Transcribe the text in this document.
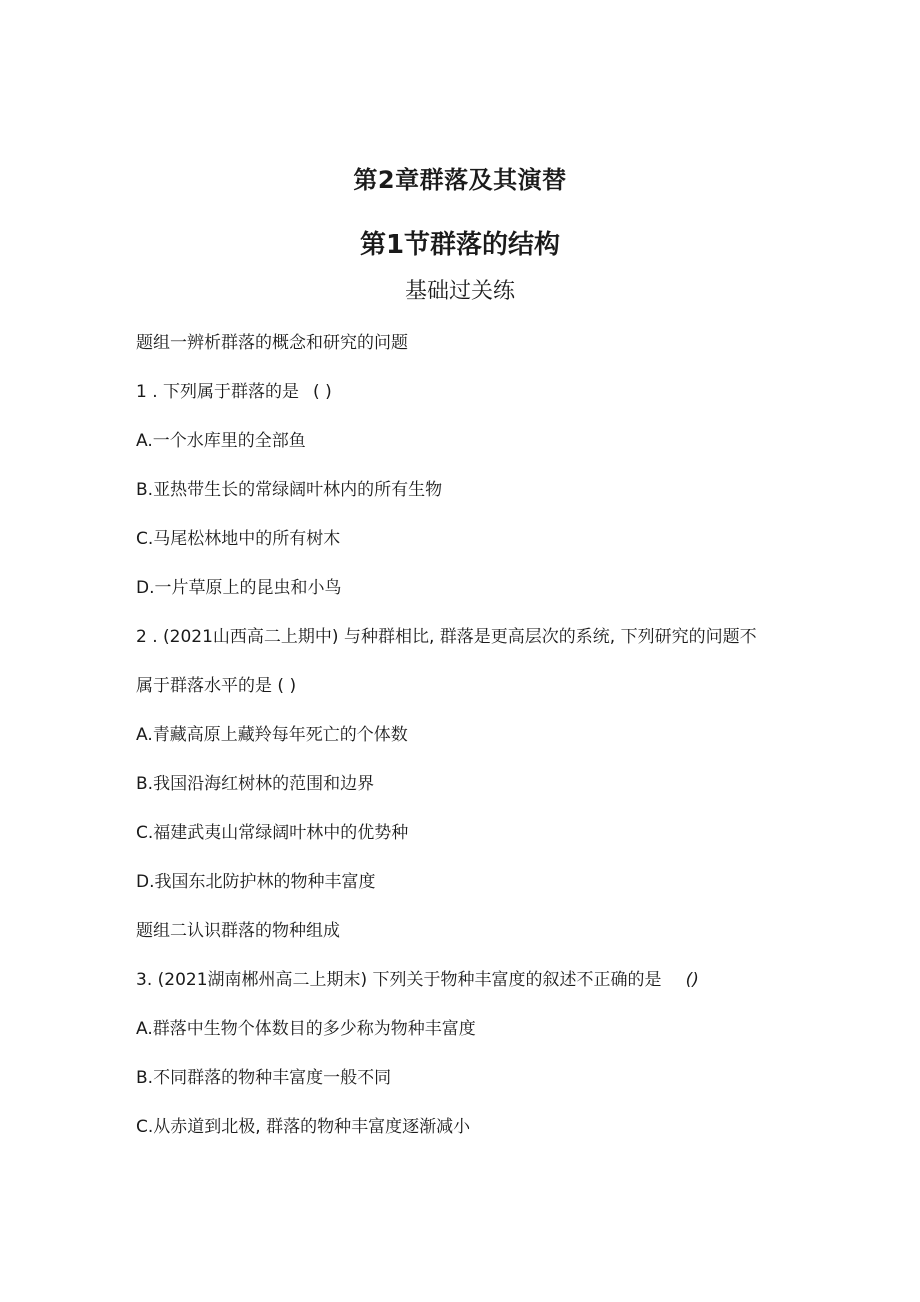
第2章群落及其演替
第1节群落的结构
基础过关练

题组一辨析群落的概念和研究的问题

1 . 下列属于群落的是 ( )

A.一个水库里的全部鱼

B.亚热带生长的常绿阔叶林内的所有生物

C.马尾松林地中的所有树木

D.一片草原上的昆虫和小鸟

2 . (2021山西高二上期中) 与种群相比, 群落是更高层次的系统, 下列研究的问题不

属于群落水平的是 ( )

A.青藏高原上藏羚每年死亡的个体数

B.我国沿海红树林的范围和边界

C.福建武夷山常绿阔叶林中的优势种

D.我国东北防护林的物种丰富度

题组二认识群落的物种组成

3. (2021湖南郴州高二上期末) 下列关于物种丰富度的叙述不正确的是 ()

A.群落中生物个体数目的多少称为物种丰富度

B.不同群落的物种丰富度一般不同

C.从赤道到北极, 群落的物种丰富度逐渐减小
